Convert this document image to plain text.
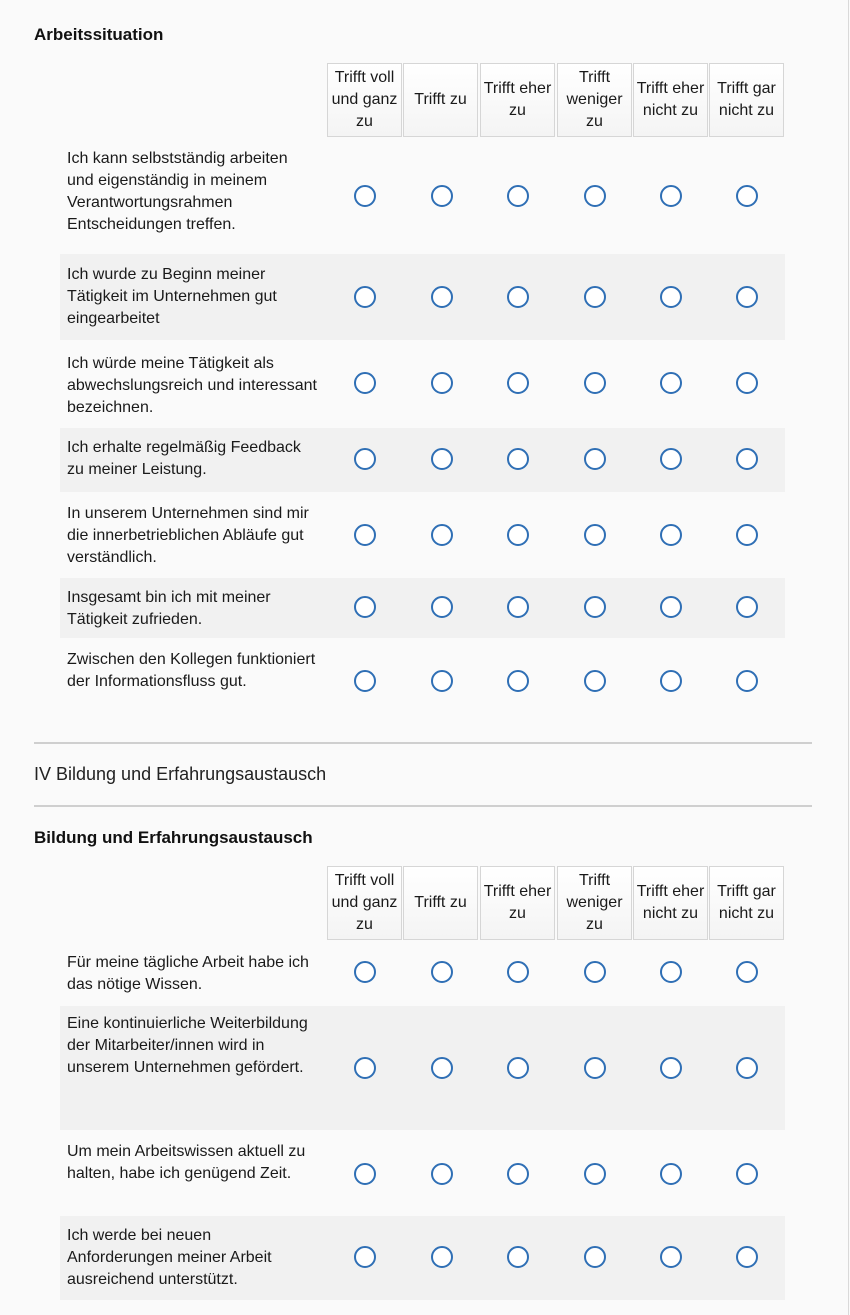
Arbeitssituation
Trifft voll und ganz zu
Trifft zu
Trifft eher zu
Trifft weniger zu
Trifft eher nicht zu
Trifft gar nicht zu
Ich kann selbstständig arbeiten und eigenständig in meinem Verantwortungsrahmen Entscheidungen treffen.
Ich wurde zu Beginn meiner Tätigkeit im Unternehmen gut eingearbeitet
Ich würde meine Tätigkeit als abwechslungsreich und interessant bezeichnen.
Ich erhalte regelmäßig Feedback zu meiner Leistung.
In unserem Unternehmen sind mir die innerbetrieblichen Abläufe gut verständlich.
Insgesamt bin ich mit meiner Tätigkeit zufrieden.
Zwischen den Kollegen funktioniert der Informationsfluss gut.
IV Bildung und Erfahrungsaustausch
Bildung und Erfahrungsaustausch
Trifft voll und ganz zu
Trifft zu
Trifft eher zu
Trifft weniger zu
Trifft eher nicht zu
Trifft gar nicht zu
Für meine tägliche Arbeit habe ich das nötige Wissen.
Eine kontinuierliche Weiterbildung der Mitarbeiter/innen wird in unserem Unternehmen gefördert.
Um mein Arbeitswissen aktuell zu halten, habe ich genügend Zeit.
Ich werde bei neuen Anforderungen meiner Arbeit ausreichend unterstützt.
